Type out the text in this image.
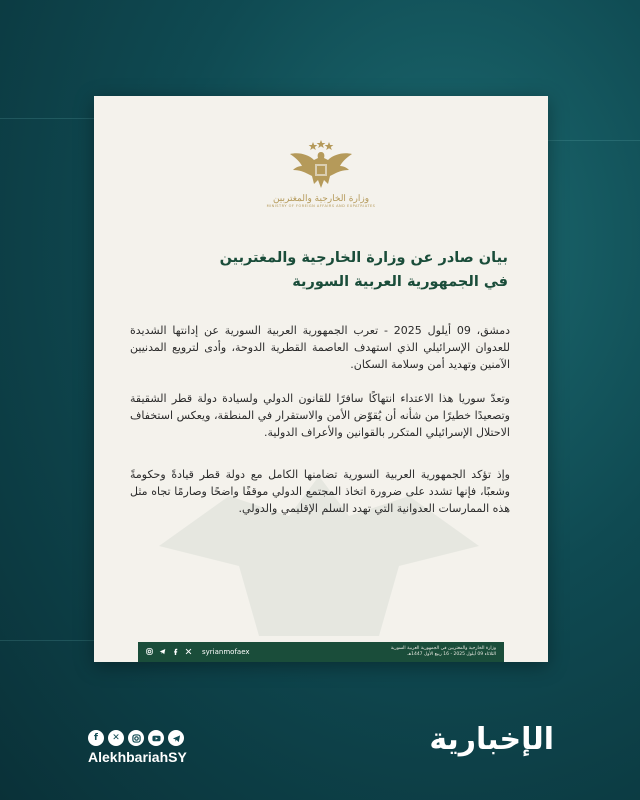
وزارة الخارجية والمغتربين
MINISTRY OF FOREIGN AFFAIRS AND EXPATRIATES
بيان صادر عن وزارة الخارجية والمغتربين
في الجمهورية العربية السورية
دمشق، 09 أيلول 2025 - تعرب الجمهورية العربية السورية عن إدانتها الشديدة للعدوان الإسرائيلي الذي استهدف العاصمة القطرية الدوحة، وأدى لترويع المدنيين الآمنين وتهديد أمن وسلامة السكان.
وتعدّ سوريا هذا الاعتداء انتهاكًا سافرًا للقانون الدولي ولسيادة دولة قطر الشقيقة وتصعيدًا خطيرًا من شأنه أن يُقوّض الأمن والاستقرار في المنطقة، ويعكس استخفاف الاحتلال الإسرائيلي المتكرر بالقوانين والأعراف الدولية.
وإذ تؤكد الجمهورية العربية السورية تضامنها الكامل مع دولة قطر قيادةً وحكومةً وشعبًا، فإنها تشدد على ضرورة اتخاذ المجتمع الدولي موقفًا واضحًا وصارمًا تجاه مثل هذه الممارسات العدوانية التي تهدد السلم الإقليمي والدولي.
syrianmofaex	وزارة الخارجية والمغتربين في الجمهورية العربية السورية
الثلاثاء 09 أيلول 2025 - 16 ربيع الأول 1447هـ
f	✕
AlekhbariahSY	الإخبارية
